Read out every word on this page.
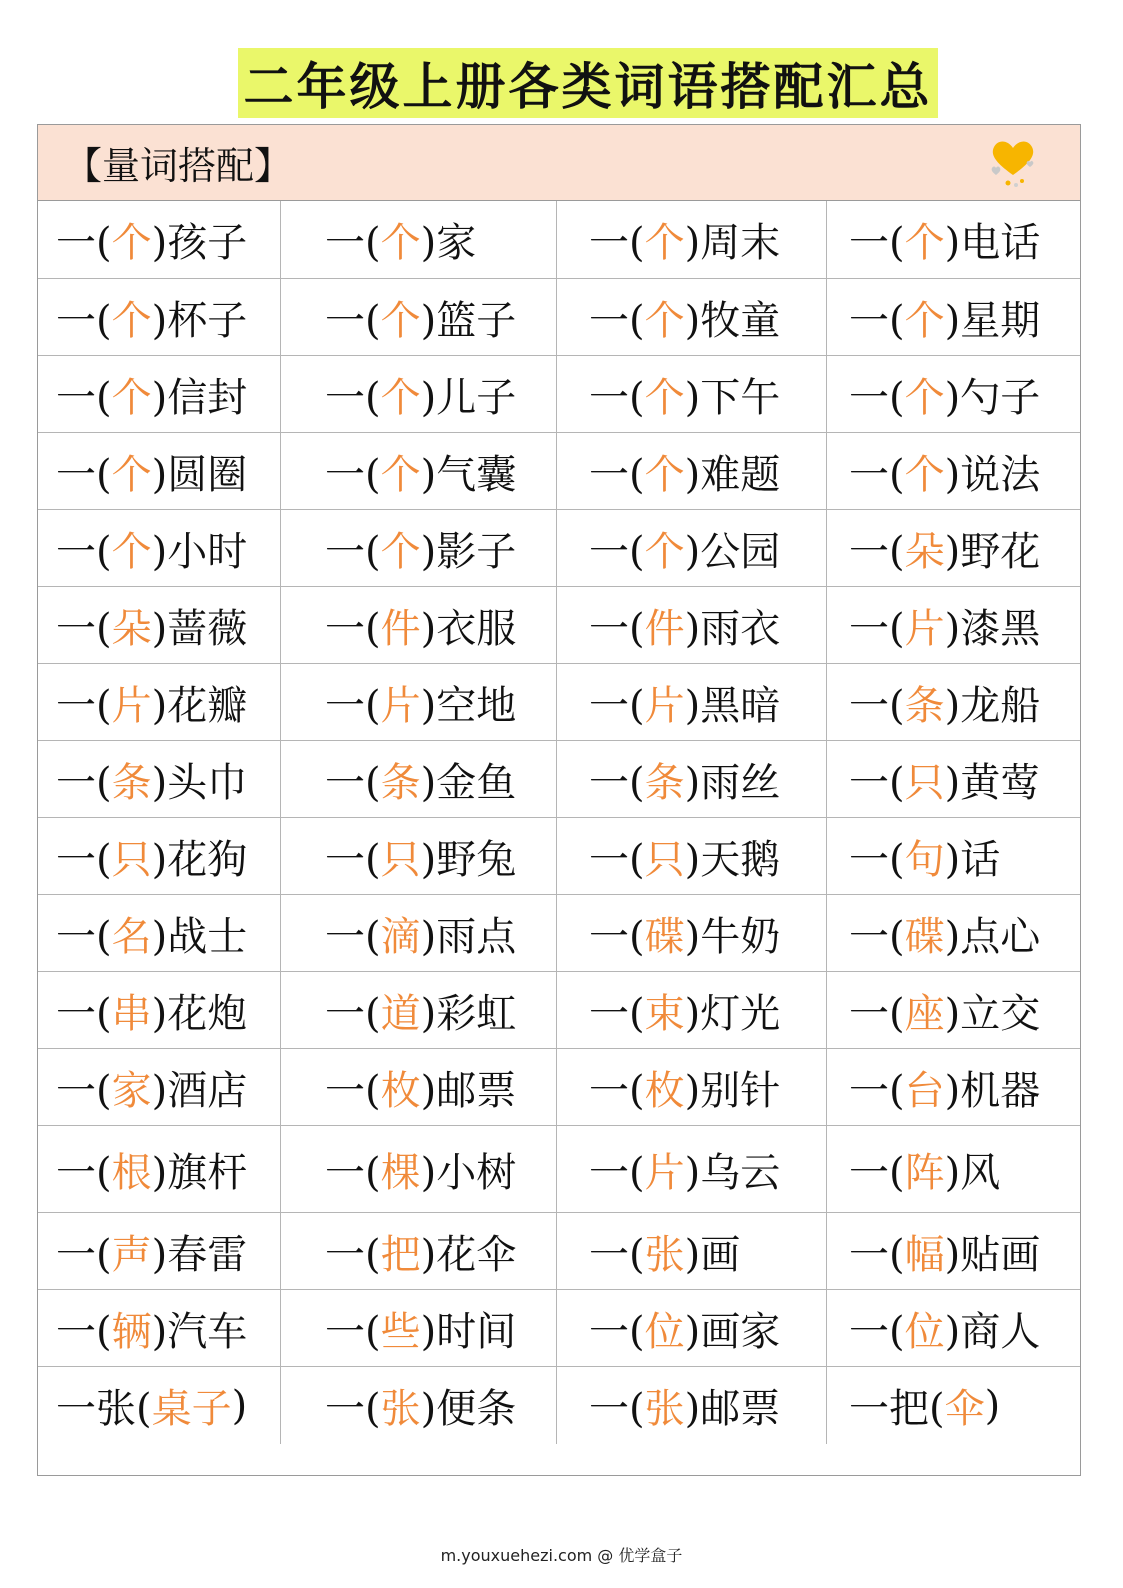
二年级上册各类词语搭配汇总
【量词搭配】
一( 个 )孩子 一( 个 )家	一( 个 )周末 一( 个 )电话
一( 个 )杯子 一( 个 )篮子 一( 个 )牧童 一( 个 )星期
一( 个 )信封 一( 个 )儿子 一( 个 )下午 一( 个 )勺子
一( 个 )圆圈 一( 个 )气囊 一( 个 )难题 一( 个 )说法
一( 个 )小时 一( 个 )影子 一( 个 )公园 一( 朵 )野花
一( 朵 )蔷薇 一( 件 )衣服 一( 件 )雨衣 一( 片 )漆黑
一( 片 )花瓣 一( 片 )空地 一( 片 )黑暗 一( 条 )龙船
一( 条 )头巾 一( 条 )金鱼 一( 条 )雨丝 一( 只 )黄莺
一( 只 )花狗 一( 只 )野兔 一( 只 )天鹅 一( 句 )话
一( 名 )战士 一( 滴 )雨点 一( 碟 )牛奶 一( 碟 )点心
一( 串 )花炮 一( 道 )彩虹 一( 束 )灯光 一( 座 )立交
一( 家 )酒店 一( 枚 )邮票 一( 枚 )别针 一( 台 )机器
一( 根 )旗杆 一( 棵 )小树 一( 片 )乌云 一( 阵 )风
一( 声 )春雷 一( 把 )花伞 一( 张 )画	一( 幅 )贴画
一( 辆 )汽车 一( 些 )时间 一( 位 )画家 一( 位 )商人
一张( 桌子 ) 一( 张 )便条 一( 张 )邮票 一把( 伞 )
m.youxuehezi.com @ 优学盒子
